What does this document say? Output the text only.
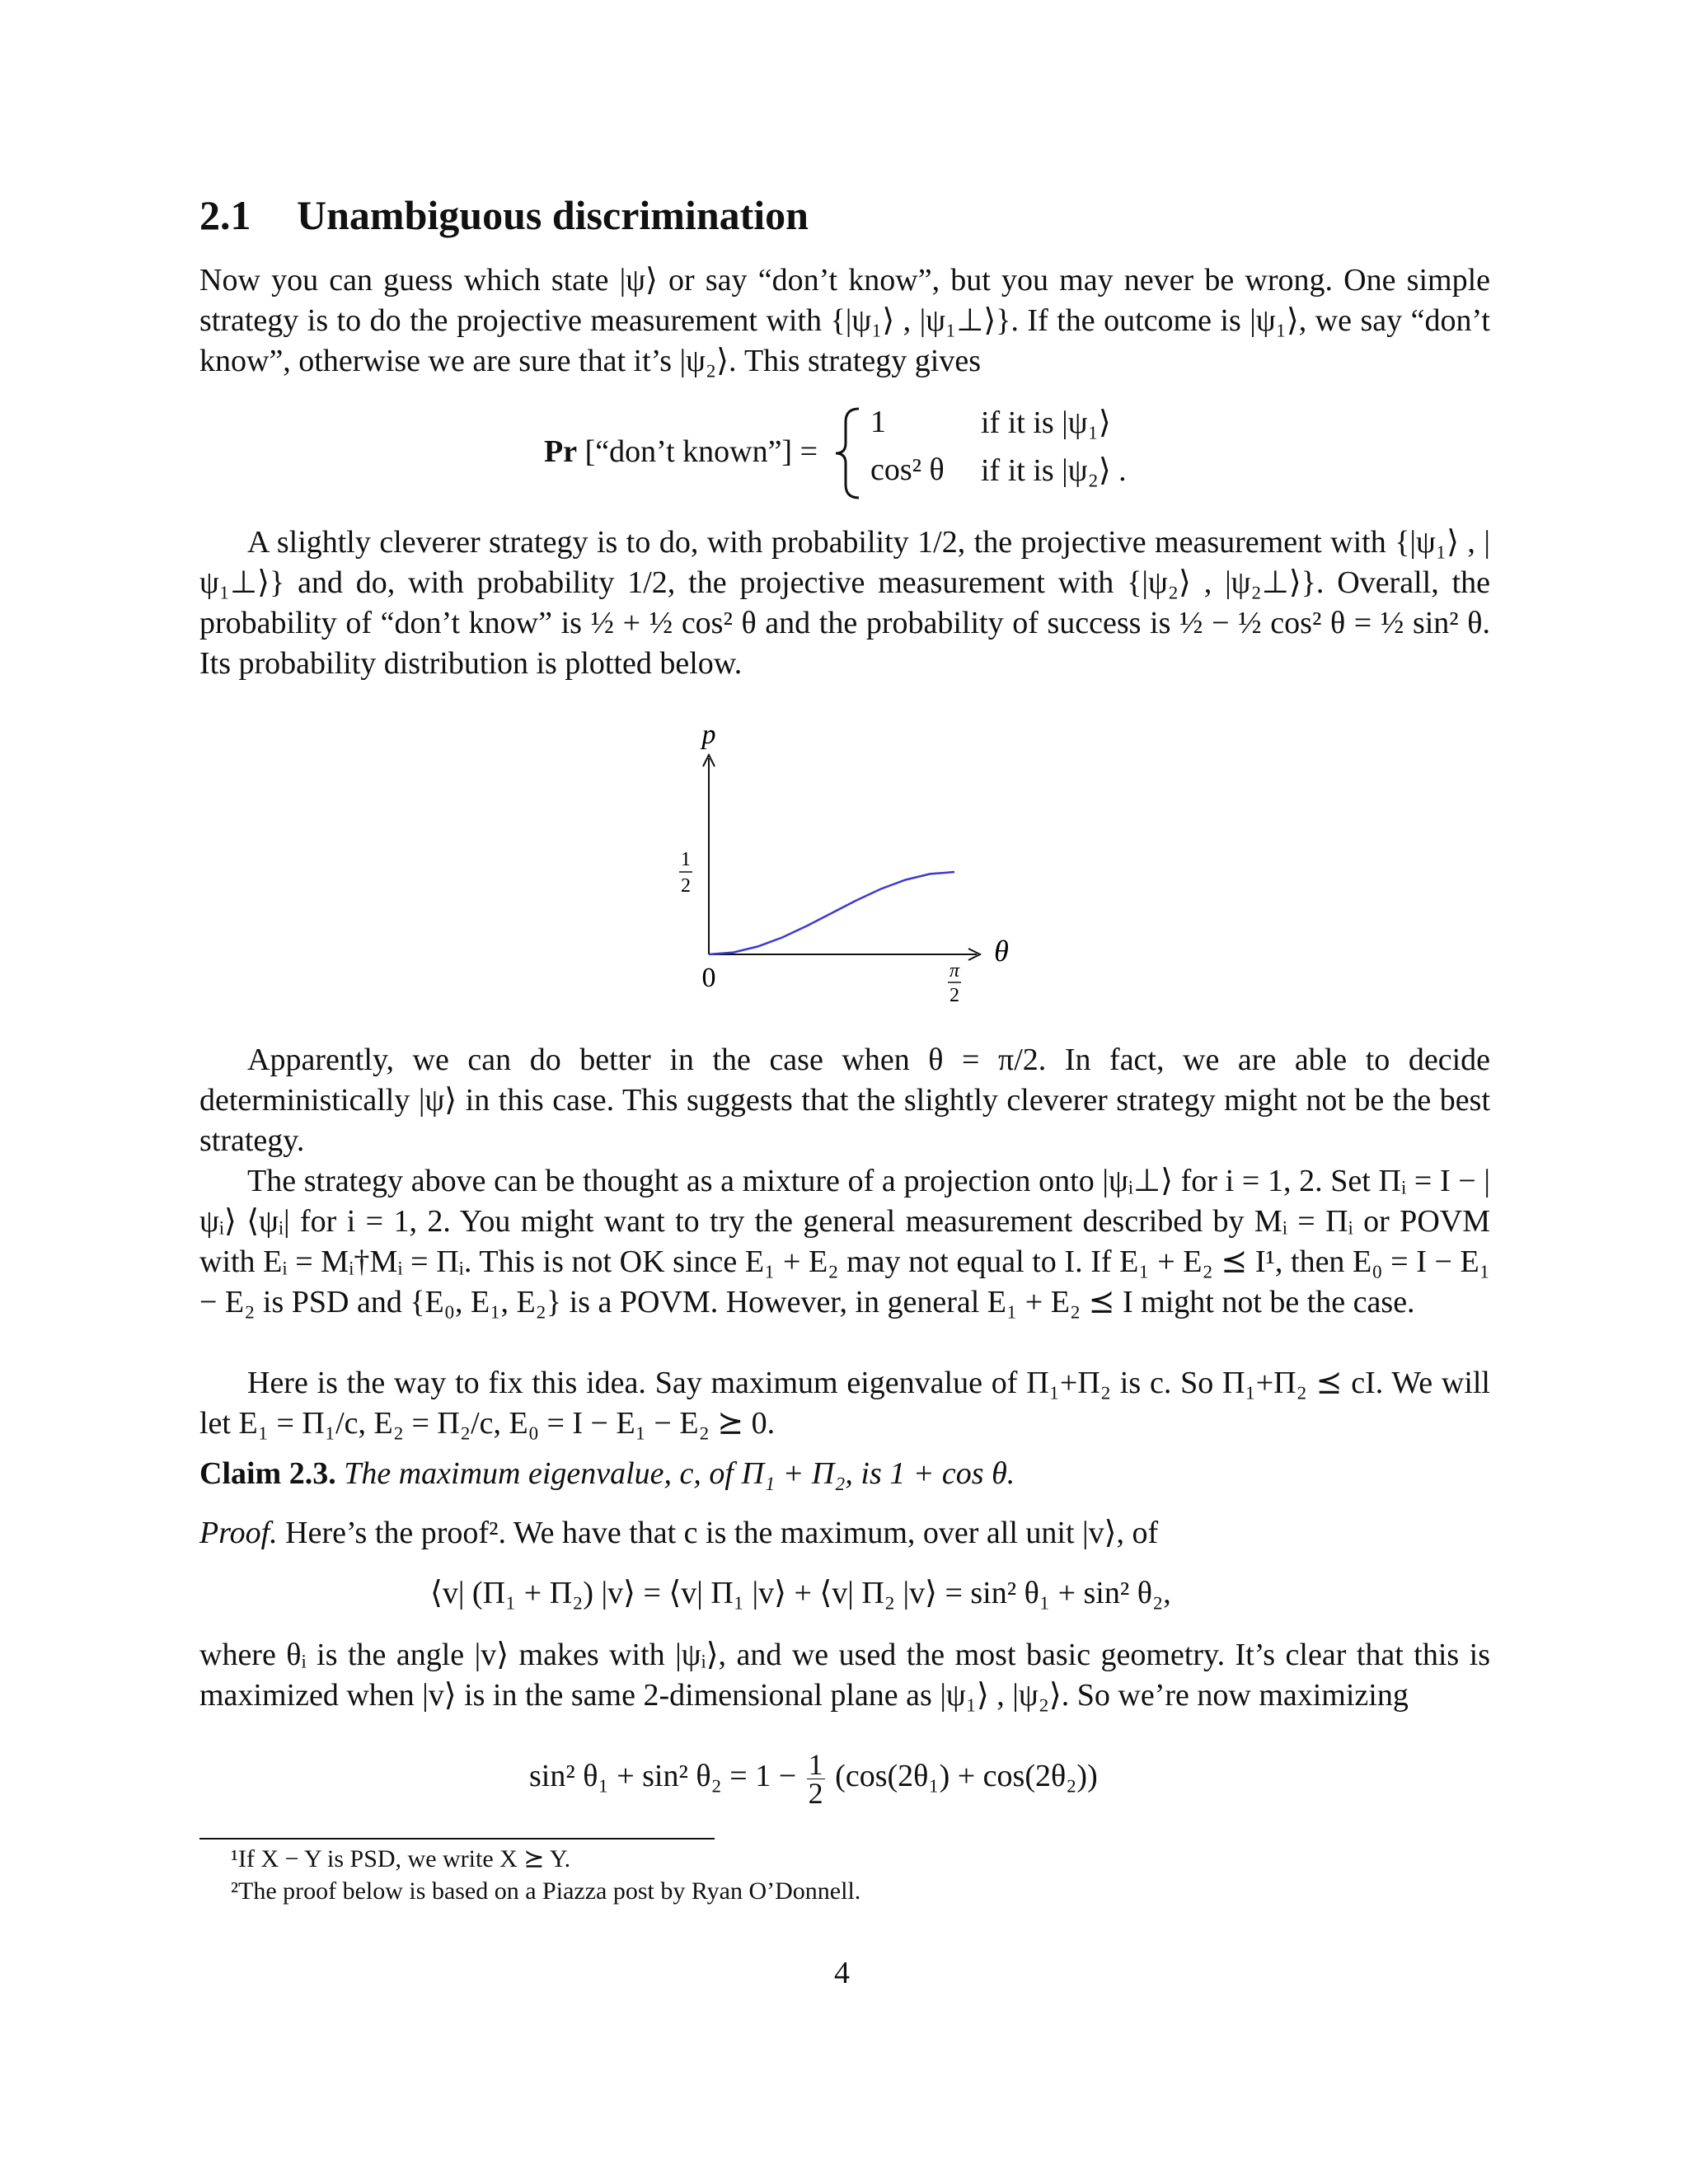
2.1 Unambiguous discrimination
Now you can guess which state |ψ⟩ or say “don’t know”, but you may never be wrong. One simple strategy is to do the projective measurement with {|ψ₁⟩ , |ψ₁⊥⟩}. If the outcome is |ψ₁⟩, we say “don’t know”, otherwise we are sure that it’s |ψ₂⟩. This strategy gives
Pr [“don’t known”] =
1	if it is |ψ₁⟩
cos² θ if it is |ψ₂⟩ .
A slightly cleverer strategy is to do, with probability 1/2, the projective measurement with {|ψ₁⟩ , |ψ₁⊥⟩} and do, with probability 1/2, the projective measurement with {|ψ₂⟩ , |ψ₂⊥⟩}. Overall, the probability of “don’t know” is ½ + ½ cos² θ and the probability of success is ½ − ½ cos² θ = ½ sin² θ. Its probability distribution is plotted below.
p
θ
0	π
2
1
2
Apparently, we can do better in the case when θ = π/2. In fact, we are able to decide deterministically |ψ⟩ in this case. This suggests that the slightly cleverer strategy might not be the best strategy.
The strategy above can be thought as a mixture of a projection onto |ψᵢ⊥⟩ for i = 1, 2. Set Πᵢ = I − |ψᵢ⟩ ⟨ψᵢ| for i = 1, 2. You might want to try the general measurement described by Mᵢ = Πᵢ or POVM with Eᵢ = Mᵢ†Mᵢ = Πᵢ. This is not OK since E₁ + E₂ may not equal to I. If E₁ + E₂ ⪯ I¹, then E₀ = I − E₁ − E₂ is PSD and {E₀, E₁, E₂} is a POVM. However, in general E₁ + E₂ ⪯ I might not be the case.
Here is the way to fix this idea. Say maximum eigenvalue of Π₁+Π₂ is c. So Π₁+Π₂ ⪯ cI. We will let E₁ = Π₁/c, E₂ = Π₂/c, E₀ = I − E₁ − E₂ ⪰ 0.
Claim 2.3. The maximum eigenvalue, c, of Π₁ + Π₂, is 1 + cos θ.
Proof. Here’s the proof². We have that c is the maximum, over all unit |v⟩, of
⟨v| (Π₁ + Π₂) |v⟩ = ⟨v| Π₁ |v⟩ + ⟨v| Π₂ |v⟩ = sin² θ₁ + sin² θ₂,
where θᵢ is the angle |v⟩ makes with |ψᵢ⟩, and we used the most basic geometry. It’s clear that this is maximized when |v⟩ is in the same 2-dimensional plane as |ψ₁⟩ , |ψ₂⟩. So we’re now maximizing
sin² θ₁ + sin² $\theta_2 = 1 - \frac{1}{2} (\cos(2\theta_1) + \cos(2\theta_2))$
¹If X − Y is PSD, we write X ⪰ Y.
²The proof below is based on a Piazza post by Ryan O’Donnell.
4
